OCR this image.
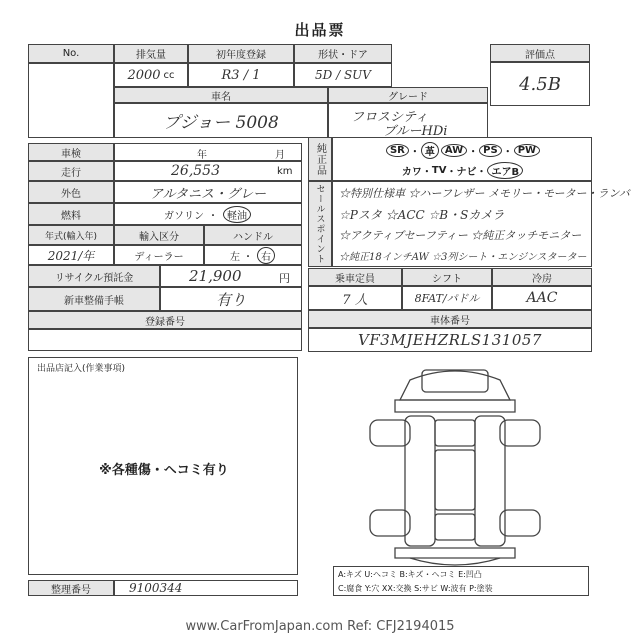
出品票
No.	排気量	初年度登録	形状・ドア	評価点
2000 cc	R3 / 1	5D / SUV	4.5B
車名	グレード
プジョー 5008	フロスシティ
ブルーHDi
車検	年	月
走行	26,553	km
外色	アルタニス・グレー
燃料	ガソリン ・ 軽油
年式(輸入年)	輸入区分	ハンドル
2021/年	ディーラー	左 ・ 右
リサイクル預託金	21,900	円
新車整備手帳	有り
登録番号
純正品	SR ・ 革	AW ・ PS ・ PW
カワ ・ TV ・ ナビ ・ エアB
セールスポイント ☆特別仕様車 ☆ハーフレザー メモリー・モーター・ランバ
☆Pスタ ☆ACC ☆B・Sカメラ
☆アクティブセーフティー ☆純正タッチモニター
☆純正18インチAW ☆3列シート・エンジンスターター
乗車定員	シフト	冷房
7 人	8FAT/パドル	AAC
車体番号
VF3MJEHZRLS131057
出品店記入(作業事項)
※各種傷・ヘコミ有り
A:キズ U:ヘコミ B:キズ・ヘコミ E:凹凸
C:腐食 Y:穴 XX:交換 S:サビ W:波有 P:塗装
整理番号	9100344
www.CarFromJapan.com Ref: CFJ2194015
